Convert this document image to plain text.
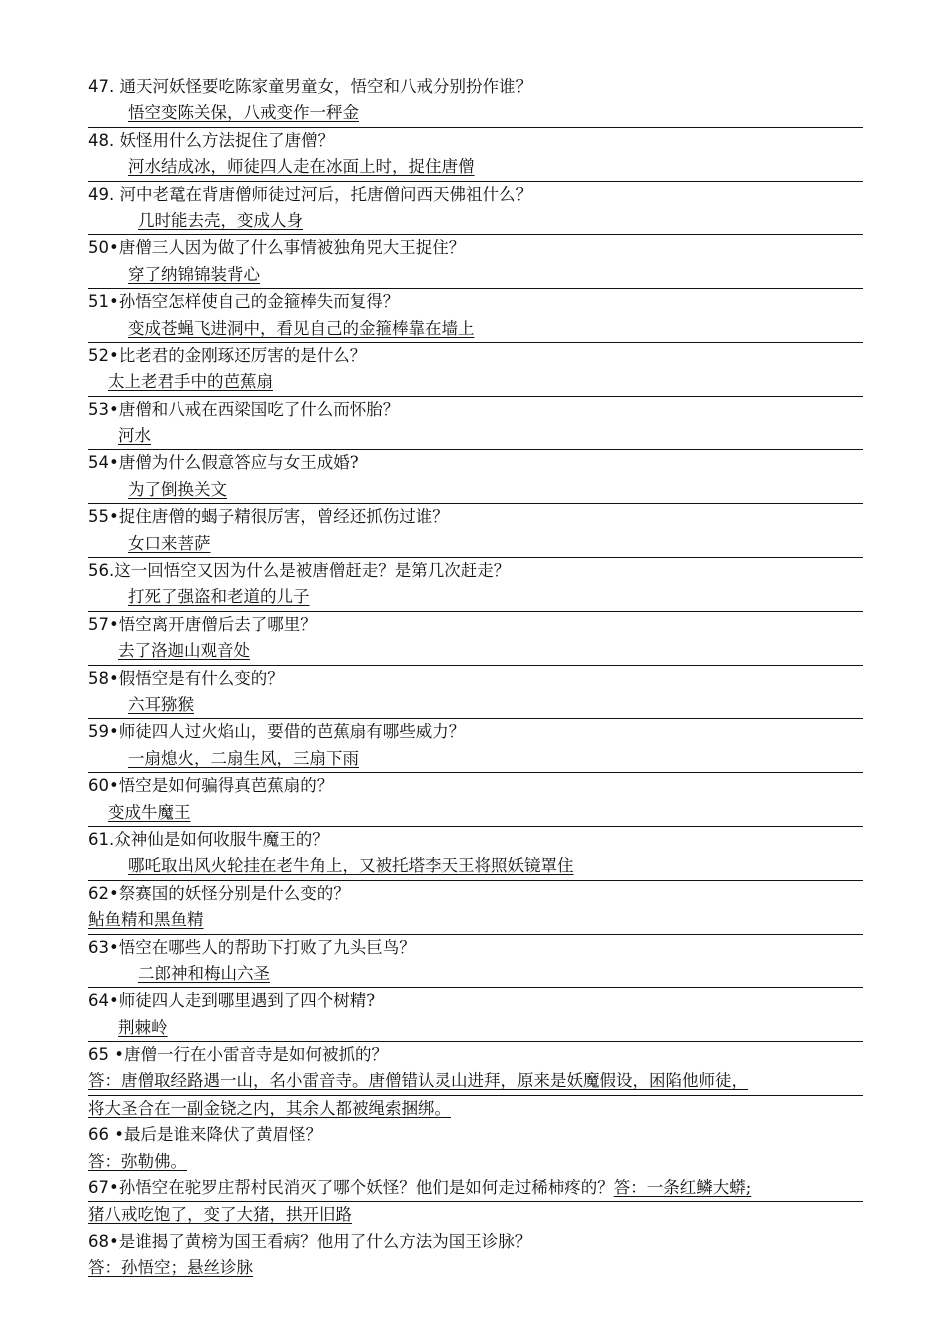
47. 通天河妖怪要吃陈家童男童女，悟空和八戒分别扮作谁？
悟空变陈关保，八戒变作一秤金
48. 妖怪用什么方法捉住了唐僧？
河水结成冰，师徒四人走在冰面上时，捉住唐僧
49. 河中老鼋在背唐僧师徒过河后，托唐僧问西天佛祖什么？
几时能去壳，变成人身
50•唐僧三人因为做了什么事情被独角兕大王捉住？
穿了纳锦锦装背心
51•孙悟空怎样使自己的金箍棒失而复得？
变成苍蝇飞进洞中，看见自己的金箍棒靠在墙上
52•比老君的金刚琢还厉害的是什么？
太上老君手中的芭蕉扇
53•唐僧和八戒在西梁国吃了什么而怀胎？
河水
54•唐僧为什么假意答应与女王成婚?
为了倒换关文
55•捉住唐僧的蝎子精很厉害，曾经还抓伤过谁？
女口来菩萨
56.这一回悟空又因为什么是被唐僧赶走？是第几次赶走？
打死了强盗和老道的儿子
57•悟空离开唐僧后去了哪里？
去了洛迦山观音处
58•假悟空是有什么变的？
六耳猕猴
59•师徒四人过火焰山，要借的芭蕉扇有哪些威力？
一扇熄火，二扇生风，三扇下雨
60•悟空是如何骗得真芭蕉扇的？
变成牛魔王
61.众神仙是如何收服牛魔王的？
哪吒取出风火轮挂在老牛角上，又被托塔李天王将照妖镜罩住
62•祭赛国的妖怪分别是什么变的？
鲇鱼精和黑鱼精
63•悟空在哪些人的帮助下打败了九头巨鸟？
二郎神和梅山六圣
64•师徒四人走到哪里遇到了四个树精?
荆棘岭
65 •唐僧一行在小雷音寺是如何被抓的？
答：唐僧取经路遇一山，名小雷音寺。唐僧错认灵山进拜，原来是妖魔假设，困陷他师徒，
将大圣合在一副金铙之内，其余人都被绳索捆绑。
66 •最后是谁来降伏了黄眉怪？
答：弥勒佛。
67•孙悟空在驼罗庄帮村民消灭了哪个妖怪？他们是如何走过稀柿疼的？答：一条红鳞大蟒;
猪八戒吃饱了，变了大猪，拱开旧路
68•是谁揭了黄榜为国王看病？他用了什么方法为国王诊脉？
答：孙悟空；悬丝诊脉
